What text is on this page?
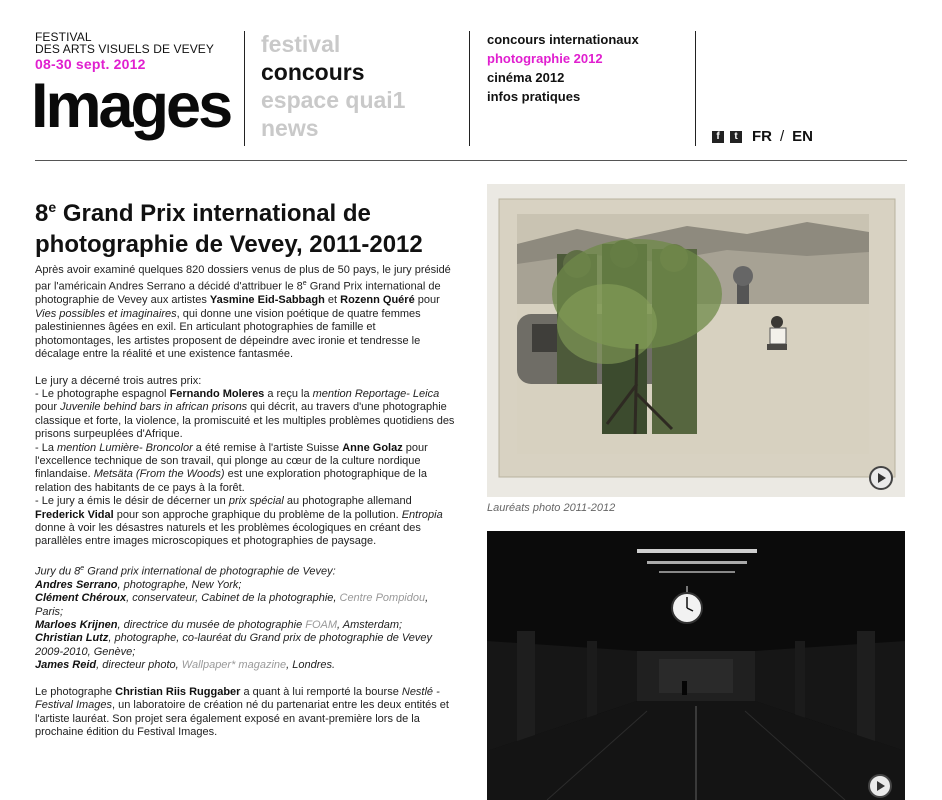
FESTIVAL
DES ARTS VISUELS DE VEVEY
08-30 sept. 2012
Images
festival
concours
espace quai1
news
concours internationaux
photographie 2012
cinéma 2012
infos pratiques
f	t FR / EN
8e Grand Prix international de photographie de Vevey, 2011-2012

Après avoir examiné quelques 820 dossiers venus de plus de 50 pays, le jury présidé par l'américain Andres Serrano a décidé d'attribuer le 8e Grand Prix international de photographie de Vevey aux artistes Yasmine Eid-Sabbagh et Rozenn Quéré pour Vies possibles et imaginaires, qui donne une vision poétique de quatre femmes palestiniennes âgées en exil. En articulant photographies de famille et photomontages, les artistes proposent de dépeindre avec ironie et tendresse le décalage entre la réalité et une existence fantasmée.

Le jury a décerné trois autres prix:

- Le photographe espagnol Fernando Moleres a reçu la mention Reportage- Leica pour Juvenile behind bars in african prisons qui décrit, au travers d'une photographie classique et forte, la violence, la promiscuité et les multiples problèmes quotidiens des prisons surpeuplées d'Afrique.

- La mention Lumière- Broncolor a été remise à l'artiste Suisse Anne Golaz pour l'excellence technique de son travail, qui plonge au cœur de la culture nordique finlandaise. Metsäta (From the Woods) est une exploration photographique de la relation des habitants de ce pays à la forêt.

- Le jury a émis le désir de décerner un prix spécial au photographe allemand Frederick Vidal pour son approche graphique du problème de la pollution. Entropia donne à voir les désastres naturels et les problèmes écologiques en créant des parallèles entre images microscopiques et photographies de paysage.

Jury du 8e Grand prix international de photographie de Vevey:

Andres Serrano, photographe, New York;

Clément Chéroux, conservateur, Cabinet de la photographie, Centre Pompidou, Paris;

Marloes Krijnen, directrice du musée de photographie FOAM, Amsterdam;

Christian Lutz, photographe, co-lauréat du Grand prix de photographie de Vevey 2009-2010, Genève;

James Reid, directeur photo, Wallpaper* magazine, Londres.

Le photographe Christian Riis Ruggaber a quant à lui remporté la bourse Nestlé - Festival Images, un laboratoire de création né du partenariat entre les deux entités et l'artiste lauréat. Son projet sera également exposé en avant-première lors de la prochaine édition du Festival Images.

Lauréats photo 2011-2012
